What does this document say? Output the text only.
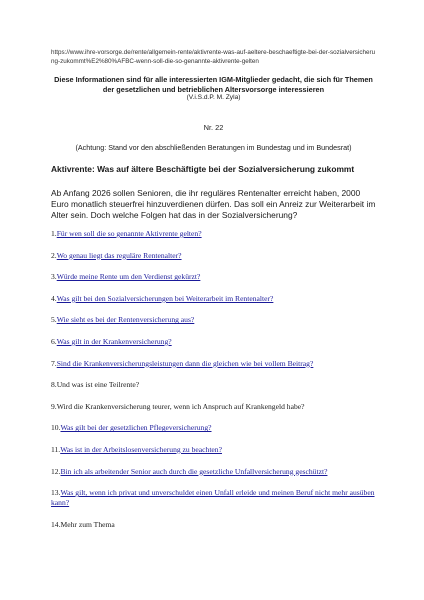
https://www.ihre-vorsorge.de/rente/allgemein-rente/aktivrente-was-auf-aeltere-beschaeftigte-bei-der-sozialversicherung-zukommt%E2%80%AFBC-wenn-soll-die-so-genannte-aktivrente-gelten

Diese Informationen sind für alle interessierten IGM-Mitglieder gedacht, die sich für Themen der gesetzlichen und betrieblichen Altersvorsorge interessieren

(V.i.S.d.P. M. Zyla)

Nr. 22

(Achtung: Stand vor den abschließenden Beratungen im Bundestag und im Bundesrat)

Aktivrente: Was auf ältere Beschäftigte bei der Sozialversicherung zukommt

Ab Anfang 2026 sollen Senioren, die ihr reguläres Rentenalter erreicht haben, 2000 Euro monatlich steuerfrei hinzuverdienen dürfen. Das soll ein Anreiz zur Weiterarbeit im Alter sein. Doch welche Folgen hat das in der Sozialversicherung?

1.Für wen soll die so genannte Aktivrente gelten?
2.Wo genau liegt das reguläre Rentenalter?
3.Würde meine Rente um den Verdienst gekürzt?
4.Was gilt bei den Sozialversicherungen bei Weiterarbeit im Rentenalter?
5.Wie sieht es bei der Rentenversicherung aus?
6.Was gilt in der Krankenversicherung?
7.Sind die Krankenversicherungsleistungen dann die gleichen wie bei vollem Beitrag?
8.Und was ist eine Teilrente?
9.Wird die Krankenversicherung teurer, wenn ich Anspruch auf Krankengeld habe?
10.Was gilt bei der gesetzlichen Pflegeversicherung?
11.Was ist in der Arbeitslosenversicherung zu beachten?
12.Bin ich als arbeitender Senior auch durch die gesetzliche Unfallversicherung geschützt?
13.Was gilt, wenn ich privat und unverschuldet einen Unfall erleide und meinen Beruf nicht mehr ausüben kann?
14.Mehr zum Thema
